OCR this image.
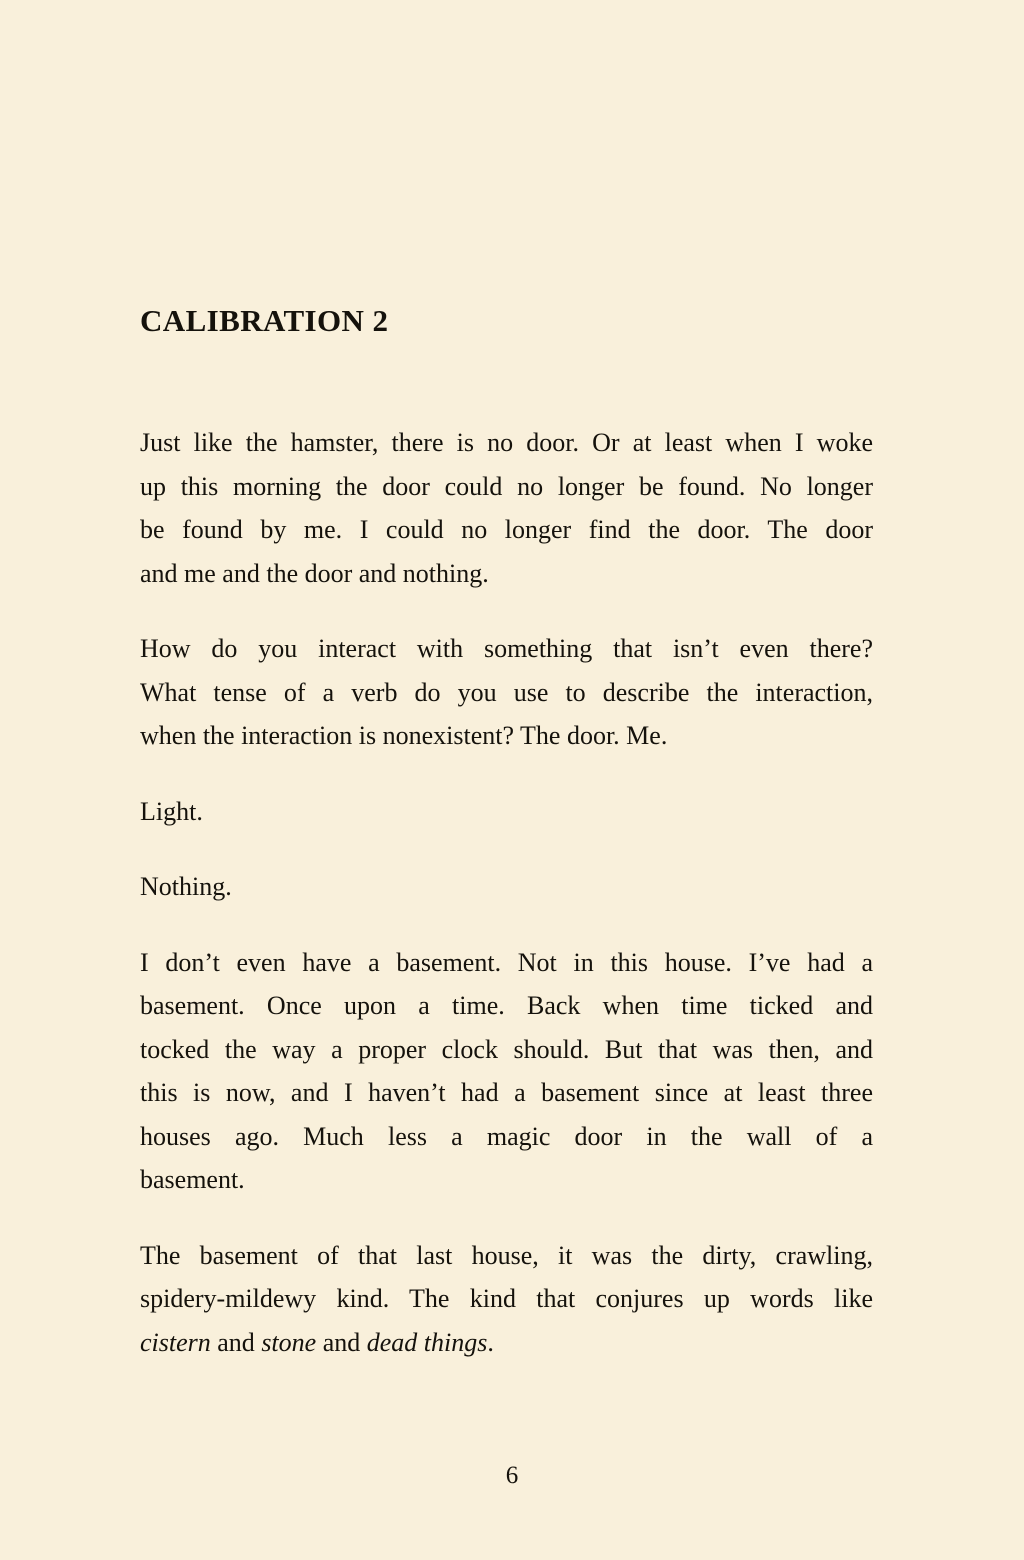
CALIBRATION 2
Just like the hamster, there is no door. Or at least when I woke
up this morning the door could no longer be found. No longer
be found by me. I could no longer find the door. The door
and me and the door and nothing.
How do you interact with something that isn’t even there?
What tense of a verb do you use to describe the interaction,
when the interaction is nonexistent? The door. Me.
Light.
Nothing.
I don’t even have a basement. Not in this house. I’ve had a
basement. Once upon a time. Back when time ticked and
tocked the way a proper clock should. But that was then, and
this is now, and I haven’t had a basement since at least three
houses ago. Much less a magic door in the wall of a
basement.
The basement of that last house, it was the dirty, crawling,
spidery-mildewy kind. The kind that conjures up words like
cistern and stone and dead things.
6
